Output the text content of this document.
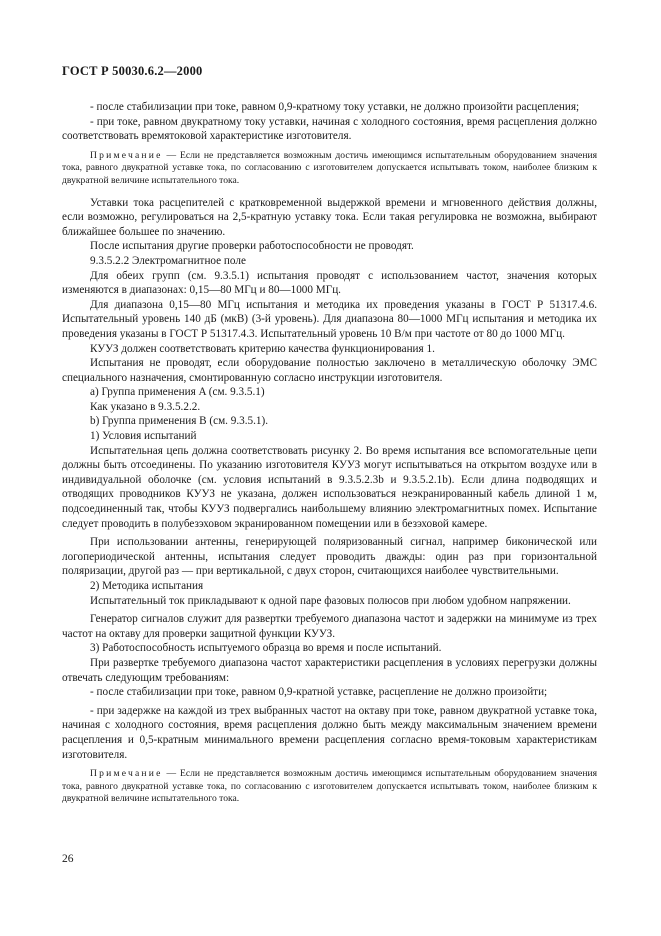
ГОСТ Р 50030.6.2—2000

- после стабилизации при токе, равном 0,9-кратному току уставки, не должно произойти расцепления;

- при токе, равном двукратному току уставки, начиная с холодного состояния, время расцепления должно соответствовать времятоковой характеристике изготовителя.

Примечание — Если не представляется возможным достичь имеющимся испытательным оборудованием значения тока, равного двукратной уставке тока, по согласованию с изготовителем допускается испытывать током, наиболее близким к двукратной величине испытательного тока.

Уставки тока расцепителей с кратковременной выдержкой времени и мгновенного действия должны, если возможно, регулироваться на 2,5-кратную уставку тока. Если такая регулировка не возможна, выбирают ближайшее большее по значению.

После испытания другие проверки работоспособности не проводят.

9.3.5.2.2 Электромагнитное поле

Для обеих групп (см. 9.3.5.1) испытания проводят с использованием частот, значения которых изменяются в диапазонах: 0,15—80 МГц и 80—1000 МГц.

Для диапазона 0,15—80 МГц испытания и методика их проведения указаны в ГОСТ Р 51317.4.6. Испытательный уровень 140 дБ (мкВ) (3-й уровень). Для диапазона 80—1000 МГц испытания и методика их проведения указаны в ГОСТ Р 51317.4.3. Испытательный уровень 10 В/м при частоте от 80 до 1000 МГц.

КУУЗ должен соответствовать критерию качества функционирования 1.

Испытания не проводят, если оборудование полностью заключено в металлическую оболочку ЭМС специального назначения, смонтированную согласно инструкции изготовителя.

a) Группа применения A (см. 9.3.5.1)

Как указано в 9.3.5.2.2.

b) Группа применения B (см. 9.3.5.1).

1) Условия испытаний

Испытательная цепь должна соответствовать рисунку 2. Во время испытания все вспомогательные цепи должны быть отсоединены. По указанию изготовителя КУУЗ могут испытываться на открытом воздухе или в индивидуальной оболочке (см. условия испытаний в 9.3.5.2.3b и 9.3.5.2.1b). Если длина подводящих и отводящих проводников КУУЗ не указана, должен использоваться неэкранированный кабель длиной 1 м, подсоединенный так, чтобы КУУЗ подвергались наибольшему влиянию электромагнитных помех. Испытание следует проводить в полубезэховом экранированном помещении или в безэховой камере.

При использовании антенны, генерирующей поляризованный сигнал, например биконической или логопериодической антенны, испытания следует проводить дважды: один раз при горизонтальной поляризации, другой раз — при вертикальной, с двух сторон, считающихся наиболее чувствительными.

2) Методика испытания

Испытательный ток прикладывают к одной паре фазовых полюсов при любом удобном напряжении.

Генератор сигналов служит для развертки требуемого диапазона частот и задержки на минимуме из трех частот на октаву для проверки защитной функции КУУЗ.

3) Работоспособность испытуемого образца во время и после испытаний.

При развертке требуемого диапазона частот характеристики расцепления в условиях перегрузки должны отвечать следующим требованиям:

- после стабилизации при токе, равном 0,9-кратной уставке, расцепление не должно произойти;

- при задержке на каждой из трех выбранных частот на октаву при токе, равном двукратной уставке тока, начиная с холодного состояния, время расцепления должно быть между максимальным значением времени расцепления и 0,5-кратным минимального времени расцепления согласно время-токовым характеристикам изготовителя.

Примечание — Если не представляется возможным достичь имеющимся испытательным оборудованием значения тока, равного двукратной уставке тока, по согласованию с изготовителем допускается испытывать током, наиболее близким к двукратной величине испытательного тока.

26
